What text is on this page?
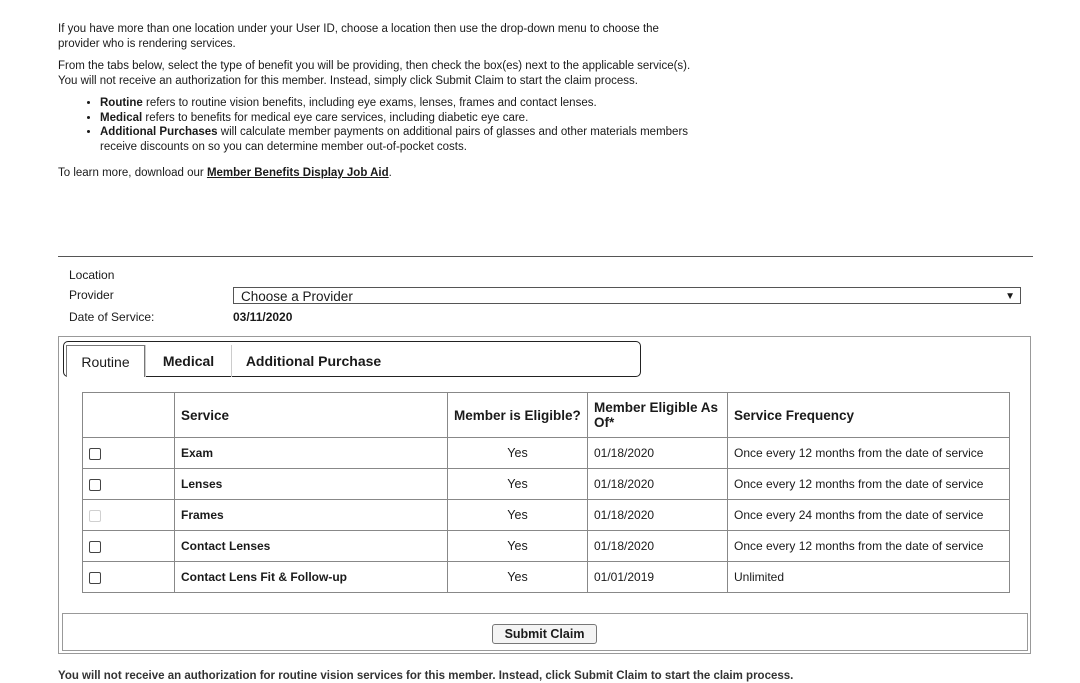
If you have more than one location under your User ID, choose a location then use the drop-down menu to choose the provider who is rendering services.

From the tabs below, select the type of benefit you will be providing, then check the box(es) next to the applicable service(s). You will not receive an authorization for this member. Instead, simply click Submit Claim to start the claim process.

• Routine refers to routine vision benefits, including eye exams, lenses, frames and contact lenses.
• Medical refers to benefits for medical eye care services, including diabetic eye care.
• Additional Purchases will calculate member payments on additional pairs of glasses and other materials members receive discounts on so you can determine member out-of-pocket costs.

To learn more, download our Member Benefits Display Job Aid.

Location
Provider	Choose a Provider	▼
Date of Service:	03/11/2020
Routine	Medical	Additional Purchase
	Service	Member is Eligible?	Member Eligible As Of*	Service Frequency
	Exam	Yes	01/18/2020	Once every 12 months from the date of service
	Lenses	Yes	01/18/2020	Once every 12 months from the date of service
	Frames	Yes	01/18/2020	Once every 24 months from the date of service
	Contact Lenses	Yes	01/18/2020	Once every 12 months from the date of service
	Contact Lens Fit & Follow-up	Yes	01/01/2019	Unlimited
Submit Claim
You will not receive an authorization for routine vision services for this member. Instead, click Submit Claim to start the claim process.
